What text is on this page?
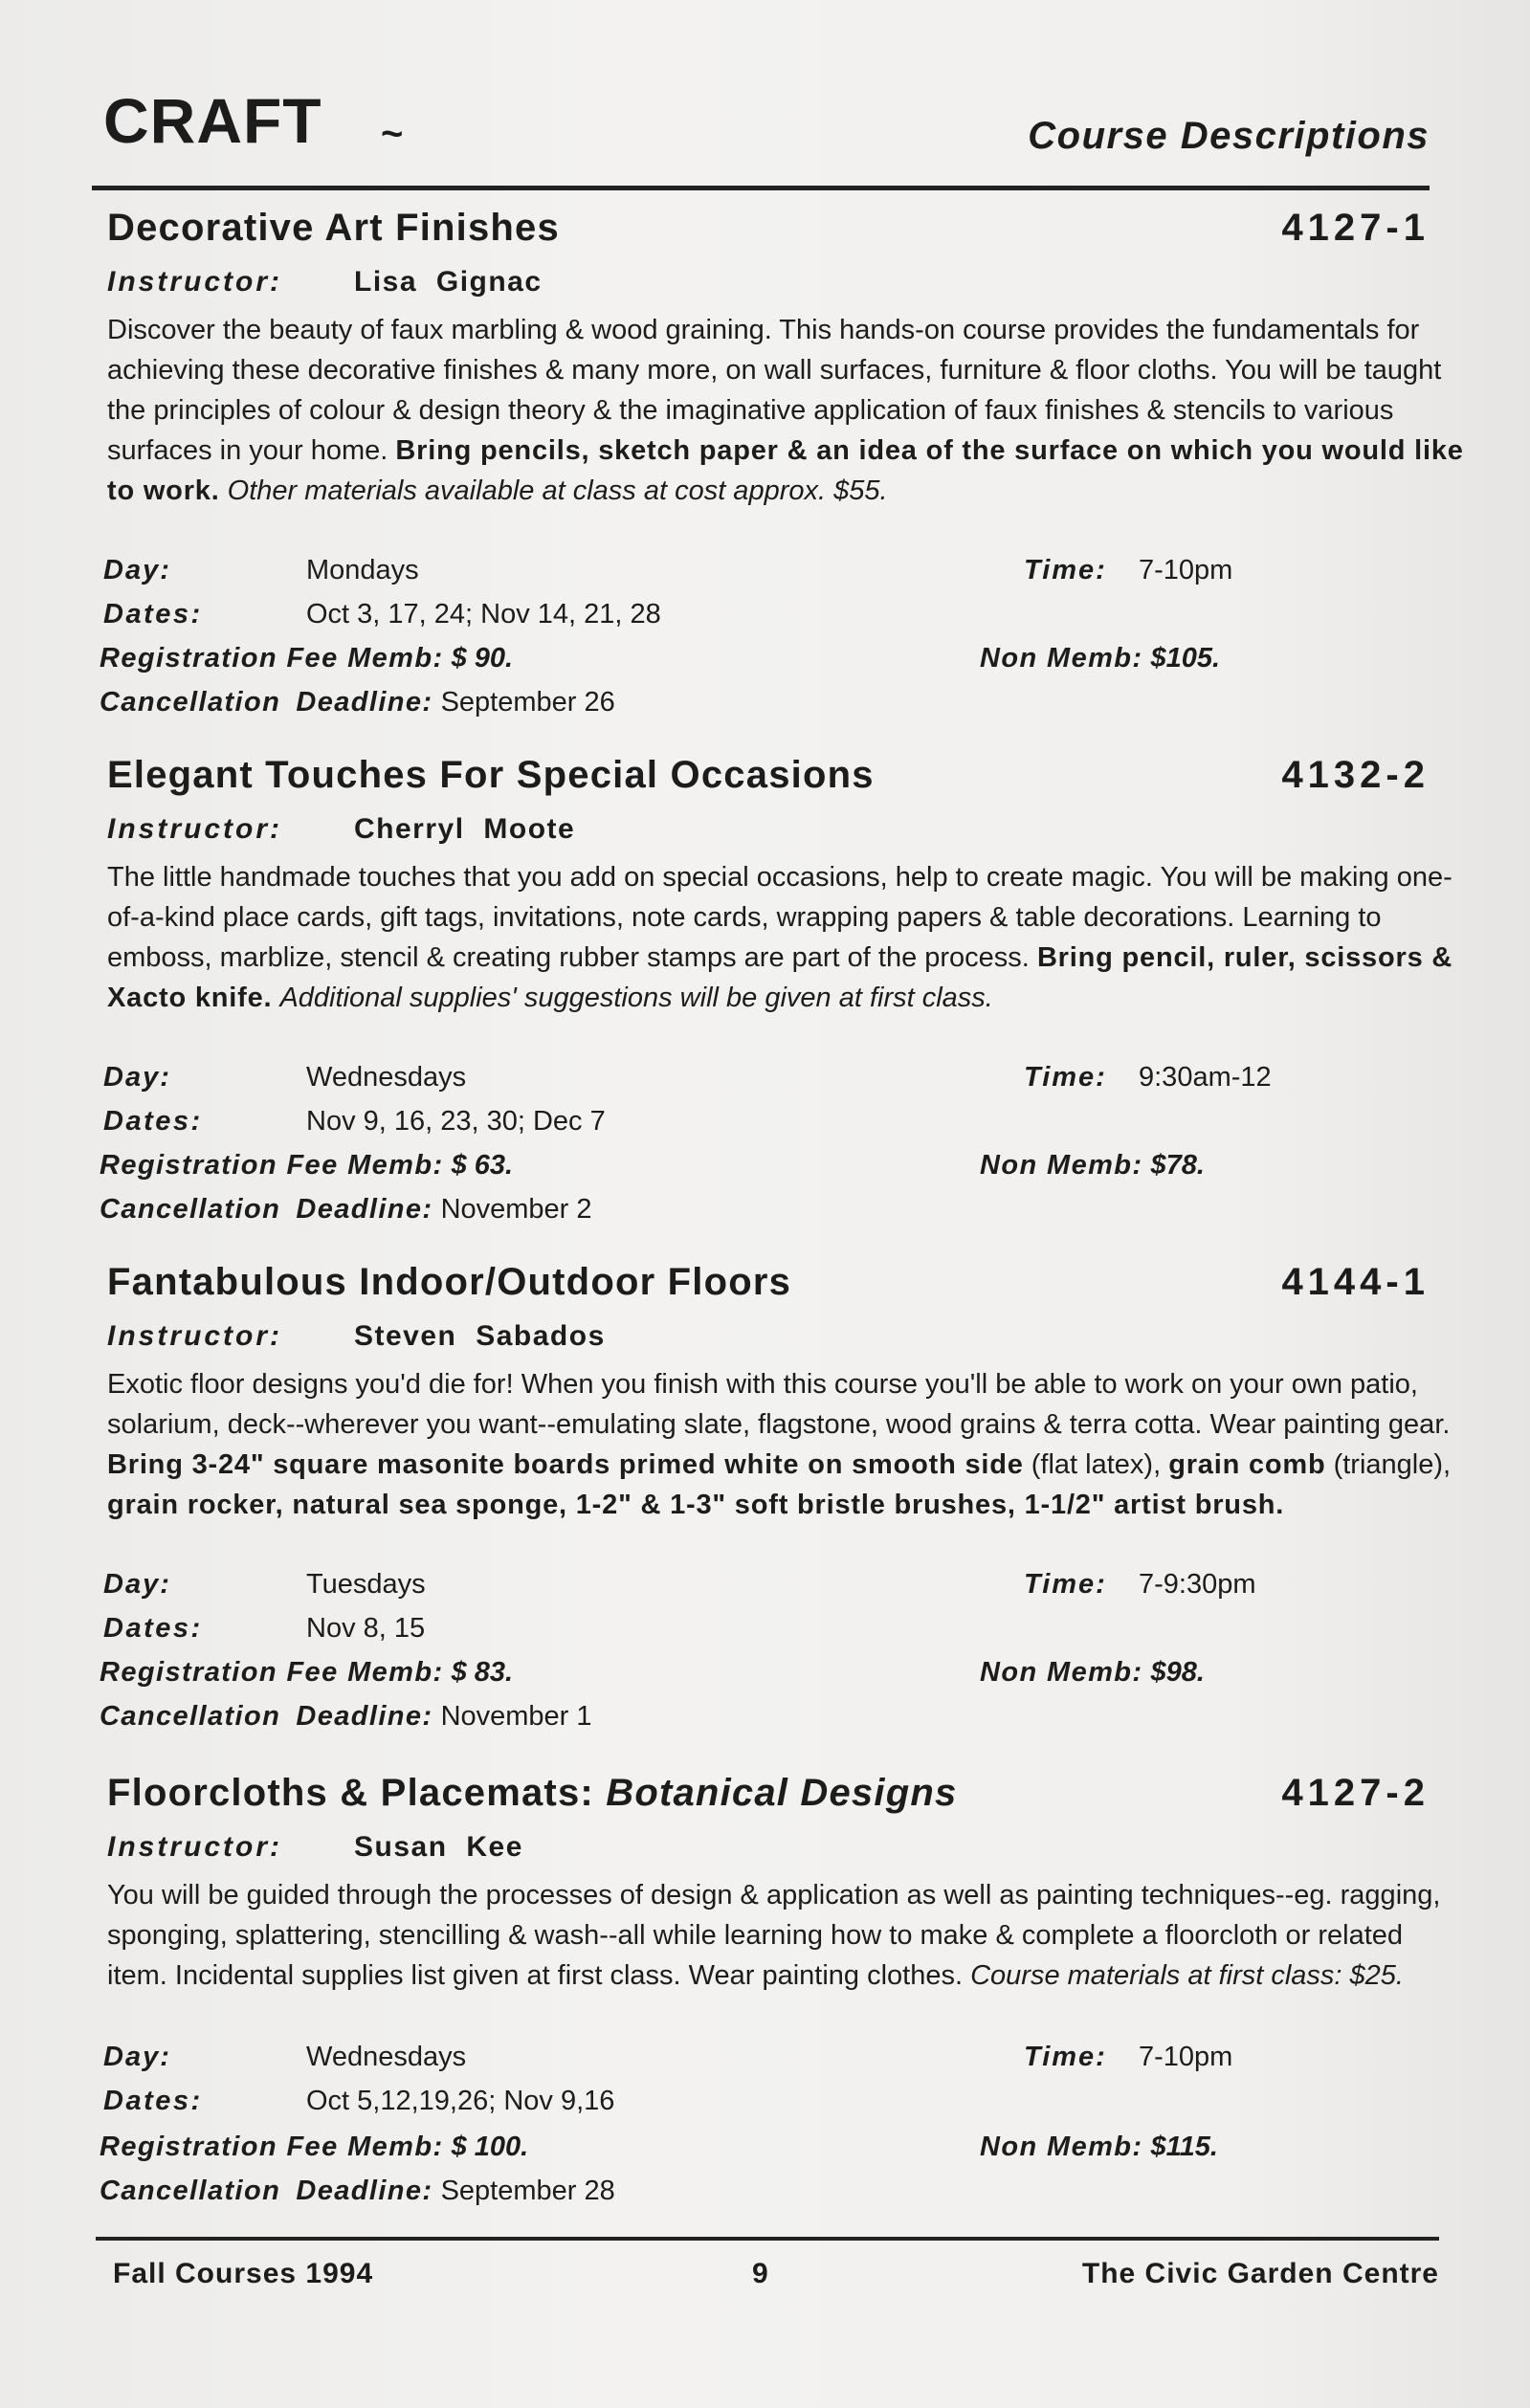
CRAFT ~	Course Descriptions
Decorative Art Finishes	4127-1
Instructor:	Lisa Gignac
Discover the beauty of faux marbling & wood graining. This hands-on course provides the fundamentals for achieving these decorative finishes & many more, on wall surfaces, furniture & floor cloths. You will be taught the principles of colour & design theory & the imaginative application of faux finishes & stencils to various surfaces in your home. Bring pencils, sketch paper & an idea of the surface on which you would like to work. Other materials available at class at cost approx. $55.
Day:	Mondays	Time: 7-10pm
Dates:	Oct 3, 17, 24; Nov 14, 21, 28
Registration Fee Memb: $ 90.	Non Memb: $105.
Cancellation Deadline: September 26
Elegant Touches For Special Occasions	4132-2
Instructor:	Cherryl Moote
The little handmade touches that you add on special occasions, help to create magic. You will be making one-of-a-kind place cards, gift tags, invitations, note cards, wrapping papers & table decorations. Learning to emboss, marblize, stencil & creating rubber stamps are part of the process. Bring pencil, ruler, scissors & Xacto knife. Additional supplies' suggestions will be given at first class.
Day:	Wednesdays	Time: 9:30am-12
Dates:	Nov 9, 16, 23, 30; Dec 7
Registration Fee Memb: $ 63.	Non Memb: $78.
Cancellation Deadline: November 2
Fantabulous Indoor/Outdoor Floors	4144-1
Instructor:	Steven Sabados
Exotic floor designs you'd die for! When you finish with this course you'll be able to work on your own patio, solarium, deck--wherever you want--emulating slate, flagstone, wood grains & terra cotta. Wear painting gear. Bring 3-24" square masonite boards primed white on smooth side (flat latex), grain comb (triangle), grain rocker, natural sea sponge, 1-2" & 1-3" soft bristle brushes, 1-1/2" artist brush.
Day:	Tuesdays	Time: 7-9:30pm
Dates:	Nov 8, 15
Registration Fee Memb: $ 83.	Non Memb: $98.
Cancellation Deadline: November 1
Floorcloths & Placemats: Botanical Designs	4127-2
Instructor:	Susan Kee
You will be guided through the processes of design & application as well as painting techniques--eg. ragging, sponging, splattering, stencilling & wash--all while learning how to make & complete a floorcloth or related item. Incidental supplies list given at first class. Wear painting clothes. Course materials at first class: $25.
Day:	Wednesdays	Time: 7-10pm
Dates:	Oct 5,12,19,26; Nov 9,16
Registration Fee Memb: $ 100.	Non Memb: $115.
Cancellation Deadline: September 28
Fall Courses 1994	9	The Civic Garden Centre
